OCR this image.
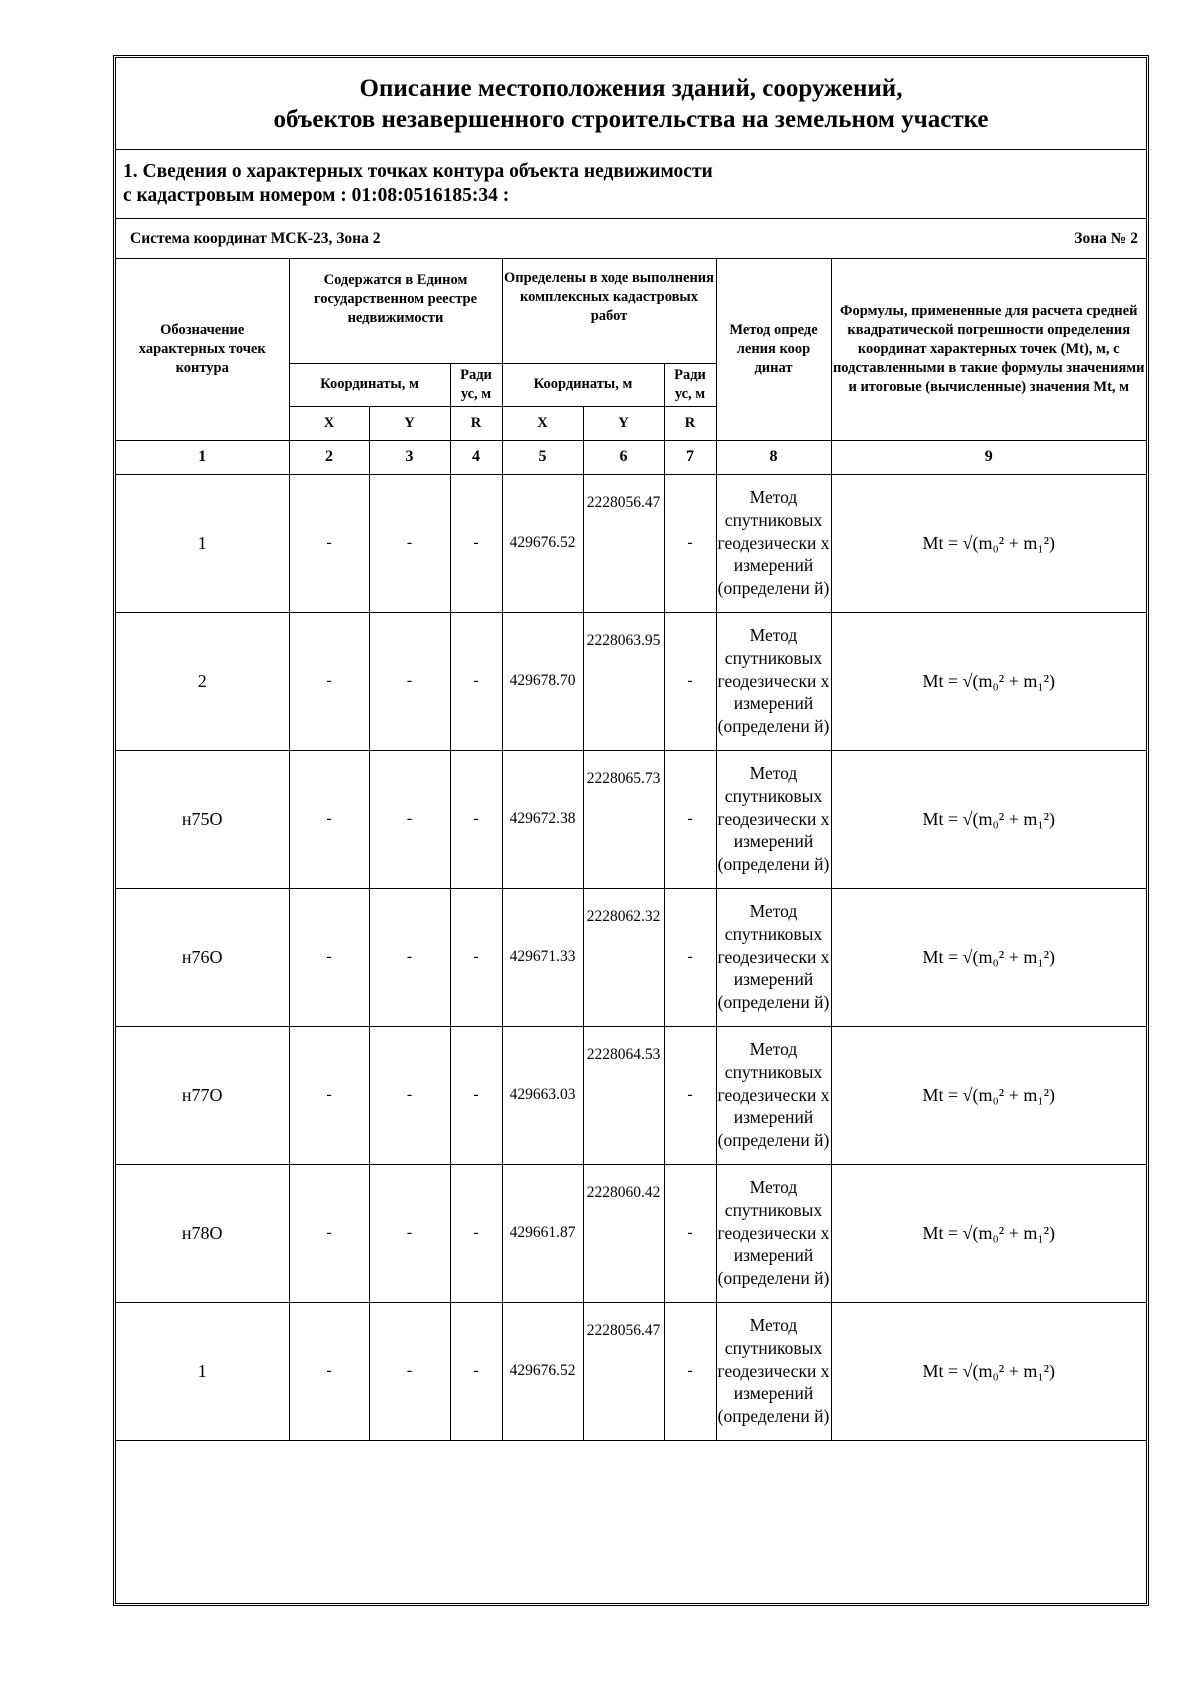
Описание местоположения зданий, сооружений,
объектов незавершенного строительства на земельном участке
1. Сведения о характерных точках контура объекта недвижимости
с кадастровым номером : 01:08:0516185:34 :
Система координат МСК-23, Зона 2	Зона № 2
Обозначение характерных точек контура	Содержатся в Едином государственном реестре недвижимости			Определены в ходе выполнения комплексных кадастровых работ			Метод опреде ления коор динат	Формулы, примененные для расчета средней квадратической погрешности определения координат характерных точек (Mt), м, с подставленными в такие формулы значениями и итоговые (вычисленные) значения Mt, м
	Координаты, м		Ради ус, м	Координаты, м		Ради ус, м		
	X	Y	R	X	Y	R		
1	2	3	4	5	6	7	8	9
1	-	-	-	429676.52	2228056.47	-	Метод спутниковых геодезически х измерений (определени й)	Mt = √(m₀² + m₁²)
2	-	-	-	429678.70	2228063.95	-	Метод спутниковых геодезически х измерений (определени й)	Mt = √(m₀² + m₁²)
н75О	-	-	-	429672.38	2228065.73	-	Метод спутниковых геодезически х измерений (определени й)	Mt = √(m₀² + m₁²)
н76О	-	-	-	429671.33	2228062.32	-	Метод спутниковых геодезически х измерений (определени й)	Mt = √(m₀² + m₁²)
н77О	-	-	-	429663.03	2228064.53	-	Метод спутниковых геодезически х измерений (определени й)	Mt = √(m₀² + m₁²)
н78О	-	-	-	429661.87	2228060.42	-	Метод спутниковых геодезически х измерений (определени й)	Mt = √(m₀² + m₁²)
1	-	-	-	429676.52	2228056.47	-	Метод спутниковых геодезически х измерений (определени й)	Mt = √(m₀² + m₁²)
